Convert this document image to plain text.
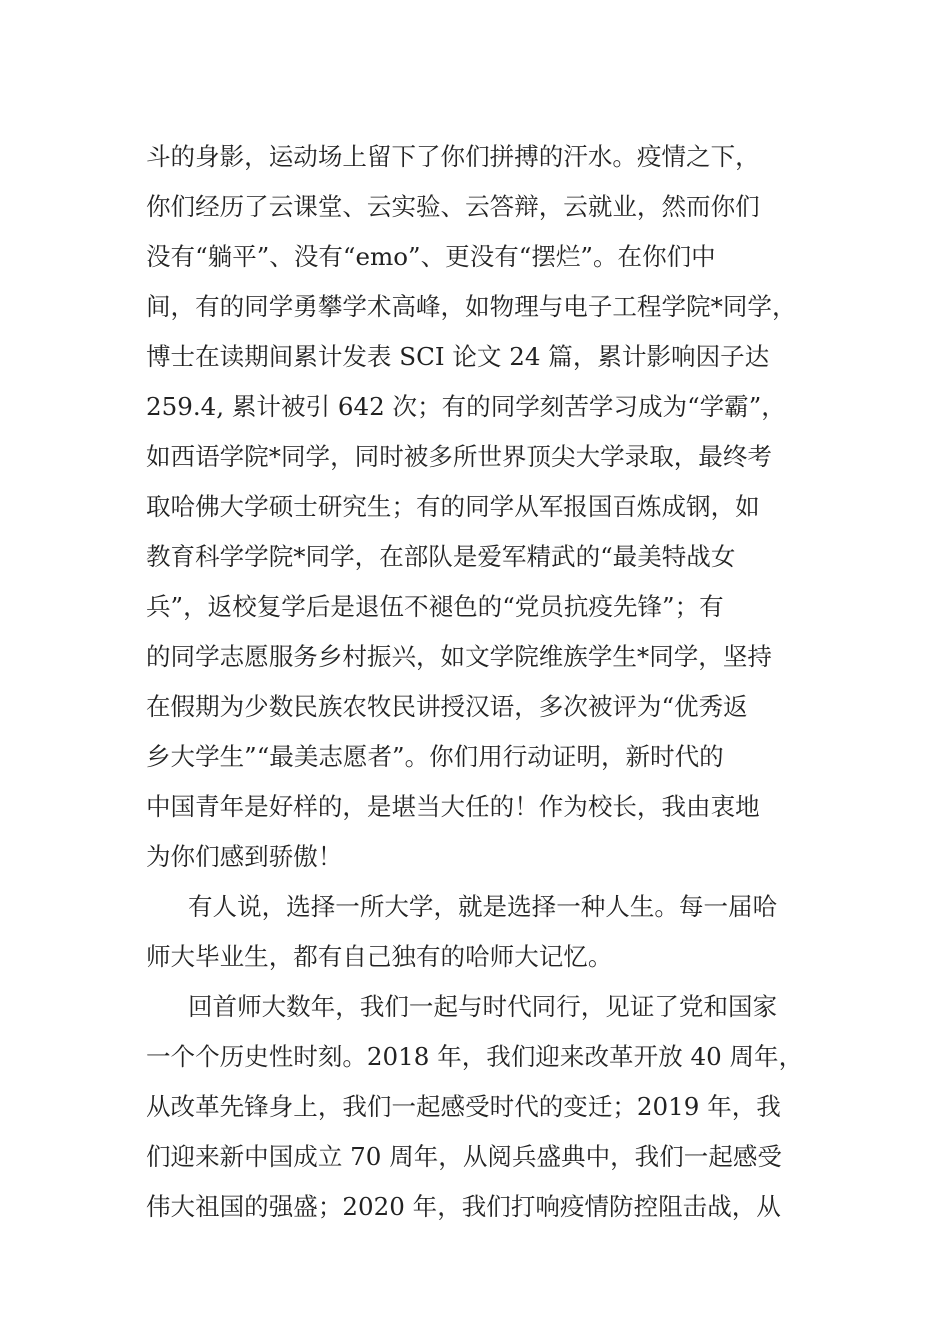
斗的身影，运动场上留下了你们拼搏的汗水。疫情之下，
你们经历了云课堂、云实验、云答辩，云就业，然而你们
没有“躺平”、没有“emo”、更没有“摆烂”。在你们中
间，有的同学勇攀学术高峰，如物理与电子工程学院*同学，
博士在读期间累计发表 SCI 论文 24 篇，累计影响因子达
259.4, 累计被引 642 次；有的同学刻苦学习成为“学霸”，
如西语学院*同学，同时被多所世界顶尖大学录取，最终考
取哈佛大学硕士研究生；有的同学从军报国百炼成钢，如
教育科学学院*同学，在部队是爱军精武的“最美特战女
兵”，返校复学后是退伍不褪色的“党员抗疫先锋”；有
的同学志愿服务乡村振兴，如文学院维族学生*同学，坚持
在假期为少数民族农牧民讲授汉语，多次被评为“优秀返
乡大学生”“最美志愿者”。你们用行动证明，新时代的
中国青年是好样的，是堪当大任的！作为校长，我由衷地
为你们感到骄傲！
有人说，选择一所大学，就是选择一种人生。每一届哈
师大毕业生，都有自己独有的哈师大记忆。
回首师大数年，我们一起与时代同行，见证了党和国家
一个个历史性时刻。2018 年，我们迎来改革开放 40 周年，
从改革先锋身上，我们一起感受时代的变迁；2019 年，我
们迎来新中国成立 70 周年，从阅兵盛典中，我们一起感受
伟大祖国的强盛；2020 年，我们打响疫情防控阻击战，从
